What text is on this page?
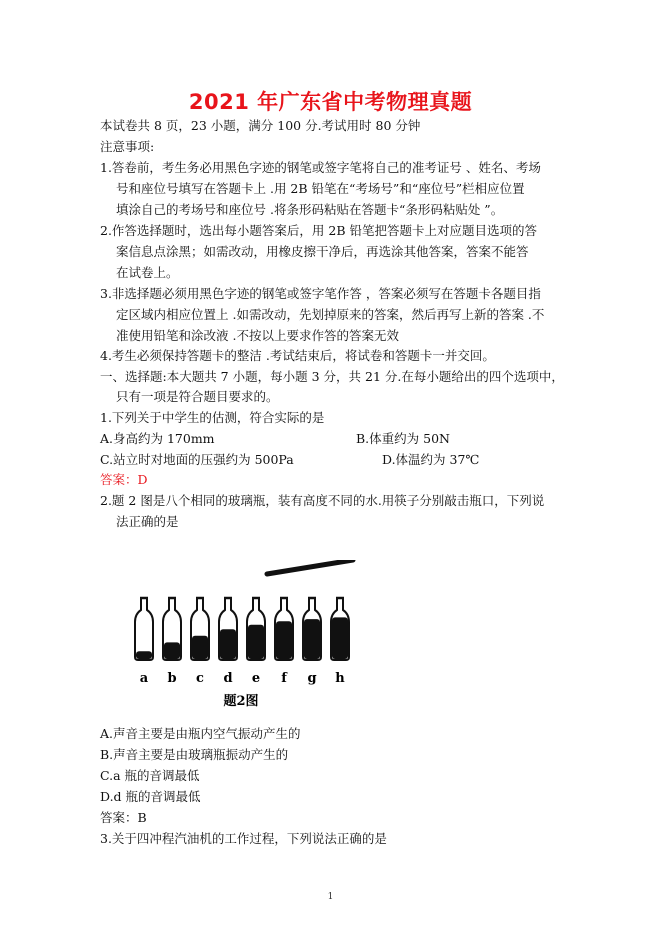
2021 年广东省中考物理真题
本试卷共 8 页，23 小题，满分 100 分.考试用时 80 分钟
注意事项:
1.答卷前，考生务必用黑色字迹的钢笔或签字笔将自己的准考证号 、姓名、考场
号和座位号填写在答题卡上 .用 2B 铅笔在“考场号”和“座位号”栏相应位置
填涂自己的考场号和座位号 .将条形码粘贴在答题卡“条形码粘贴处 ”。
2.作答选择题时，选出每小题答案后，用 2B 铅笔把答题卡上对应题目选项的答
案信息点涂黑；如需改动，用橡皮擦干净后，再选涂其他答案，答案不能答
在试卷上。
3.非选择题必须用黑色字迹的钢笔或签字笔作答 ，答案必须写在答题卡各题目指
定区域内相应位置上 .如需改动，先划掉原来的答案，然后再写上新的答案 .不
准使用铅笔和涂改液 .不按以上要求作答的答案无效
4.考生必须保持答题卡的整洁 .考试结束后，将试卷和答题卡一并交回。
一、选择题:本大题共 7 小题，每小题 3 分，共 21 分.在每小题给出的四个选项中，
只有一项是符合题目要求的。
1.下列关于中学生的估测，符合实际的是
A.身高约为 170mm	B.体重约为 50N
C.站立时对地面的压强约为 500Pa	D.体温约为 37℃
答案：D
2.题 2 图是八个相同的玻璃瓶，装有高度不同的水.用筷子分别敲击瓶口，下列说
法正确的是
a b c d e f g h
题2图
A.声音主要是由瓶内空气振动产生的
B.声音主要是由玻璃瓶振动产生的
C.a 瓶的音调最低
D.d 瓶的音调最低
答案：B
3.关于四冲程汽油机的工作过程，下列说法正确的是
1
